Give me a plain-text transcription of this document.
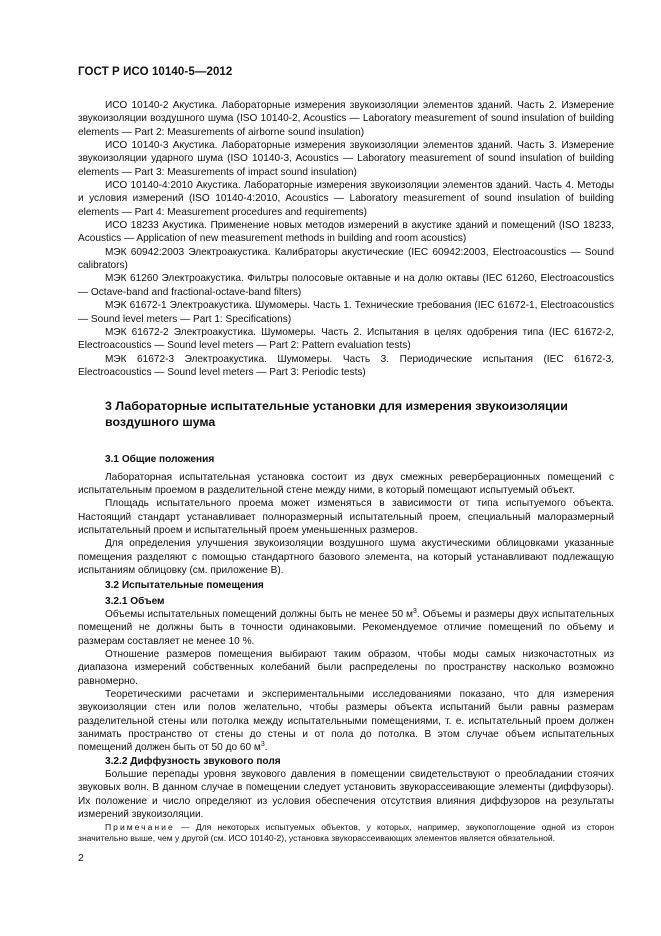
ГОСТ Р ИСО 10140-5—2012

ИСО 10140-2 Акустика. Лабораторные измерения звукоизоляции элементов зданий. Часть 2. Измерение звукоизоляции воздушного шума (ISO 10140-2, Acoustics — Laboratory measurement of sound insulation of building elements — Part 2: Measurements of airborne sound insulation)

ИСО 10140-3 Акустика. Лабораторные измерения звукоизоляции элементов зданий. Часть 3. Измерение звукоизоляции ударного шума (ISO 10140-3, Acoustics — Laboratory measurement of sound insulation of building elements — Part 3: Measurements of impact sound insulation)

ИСО 10140-4:2010 Акустика. Лабораторные измерения звукоизоляции элементов зданий. Часть 4. Методы и условия измерений (ISO 10140-4:2010, Acoustics — Laboratory measurement of sound insulation of building elements — Part 4: Measurement procedures and requirements)

ИСО 18233 Акустика. Применение новых методов измерений в акустике зданий и помещений (ISO 18233, Acoustics — Application of new measurement methods in building and room acoustics)

МЭК 60942:2003 Электроакустика. Калибраторы акустические (IEC 60942:2003, Electroacoustics — Sound calibrators)

МЭК 61260 Электроакустика. Фильтры полосовые октавные и на долю октавы (IEC 61260, Electroacoustics — Octave-band and fractional-octave-band filters)

МЭК 61672-1 Электроакустика. Шумомеры. Часть 1. Технические требования (IEC 61672-1, Electroacoustics — Sound level meters — Part 1: Specifications)

МЭК 61672-2 Электроакустика. Шумомеры. Часть 2. Испытания в целях одобрения типа (IEC 61672-2, Electroacoustics — Sound level meters — Part 2: Pattern evaluation tests)

МЭК 61672-3 Электроакустика. Шумомеры. Часть 3. Периодические испытания (IEC 61672-3, Electroacoustics — Sound level meters — Part 3: Periodic tests)

3 Лабораторные испытательные установки для измерения звукоизоляции воздушного шума
3.1 Общие положения

Лабораторная испытательная установка состоит из двух смежных реверберационных помещений с испытательным проемом в разделительной стене между ними, в который помещают испытуемый объект.

Площадь испытательного проема может изменяться в зависимости от типа испытуемого объекта. Настоящий стандарт устанавливает полноразмерный испытательный проем, специальный малоразмерный испытательный проем и испытательный проем уменьшенных размеров.

Для определения улучшения звукоизоляции воздушного шума акустическими облицовками указанные помещения разделяют с помощью стандартного базового элемента, на который устанавливают подлежащую испытаниям облицовку (см. приложение В).

3.2 Испытательные помещения
3.2.1 Объем

Объемы испытательных помещений должны быть не менее 50 $м^3$. Объемы и размеры двух испытательных помещений не должны быть в точности одинаковыми. Рекомендуемое отличие помещений по объему и размерам составляет не менее 10 %.

Отношение размеров помещения выбирают таким образом, чтобы моды самых низкочастотных из диапазона измерений собственных колебаний были распределены по пространству насколько возможно равномерно.

Теоретическими расчетами и экспериментальными исследованиями показано, что для измерения звукоизоляции стен или полов желательно, чтобы размеры объекта испытаний были равны размерам разделительной стены или потолка между испытательными помещениями, т. е. испытательный проем должен занимать пространство от стены до стены и от пола до потолка. В этом случае объем испытательных помещений должен быть от 50 до 60 $м^3$.

3.2.2 Диффузность звукового поля

Большие перепады уровня звукового давления в помещении свидетельствуют о преобладании стоячих звуковых волн. В данном случае в помещении следует установить звукорассеивающие элементы (диффузоры). Их положение и число определяют из условия обеспечения отсутствия влияния диффузоров на результаты измерений звукоизоляции.

Примечание — Для некоторых испытуемых объектов, у которых, например, звукопоглощение одной из сторон значительно выше, чем у другой (см. ИСО 10140-2), установка звукорассеивающих элементов является обязательной.

2
